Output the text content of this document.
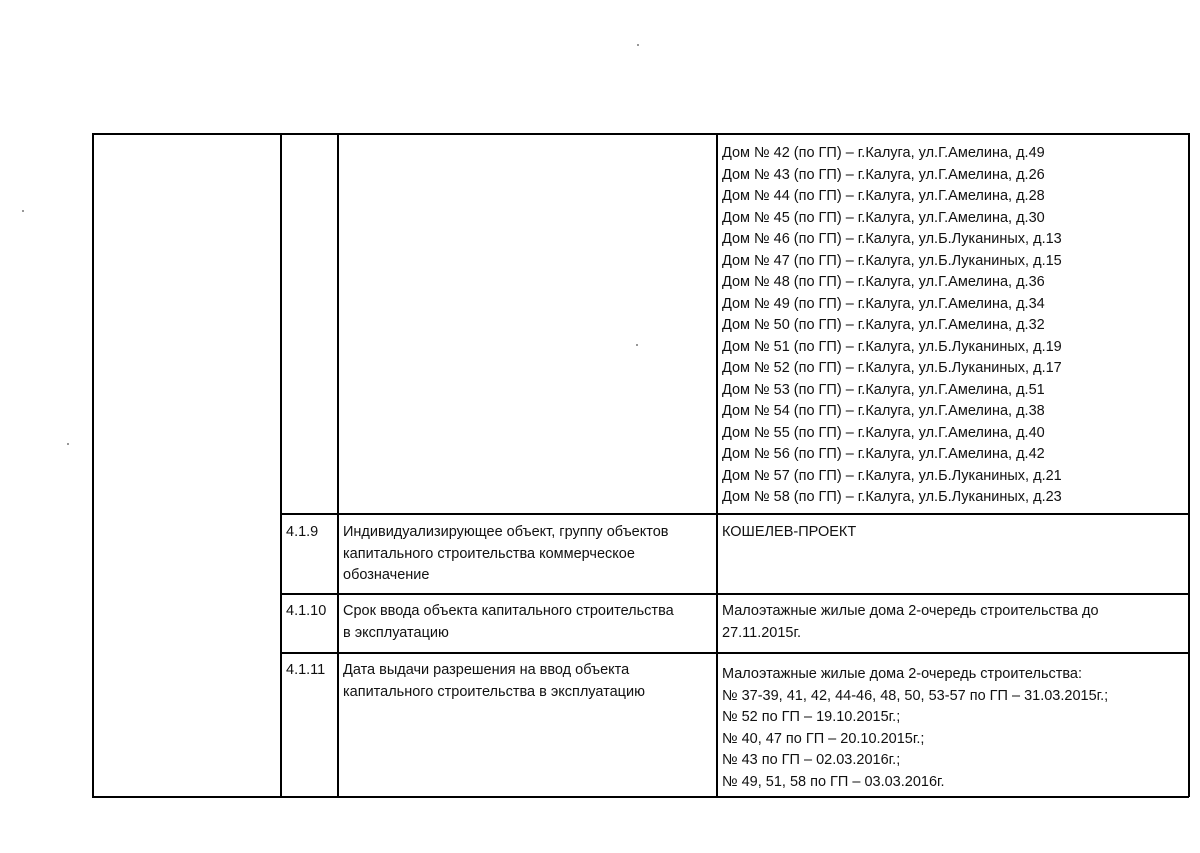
Дом № 42 (по ГП) – г.Калуга, ул.Г.Амелина, д.49
Дом № 43 (по ГП) – г.Калуга, ул.Г.Амелина, д.26
Дом № 44 (по ГП) – г.Калуга, ул.Г.Амелина, д.28
Дом № 45 (по ГП) – г.Калуга, ул.Г.Амелина, д.30
Дом № 46 (по ГП) – г.Калуга, ул.Б.Луканиных, д.13
Дом № 47 (по ГП) – г.Калуга, ул.Б.Луканиных, д.15
Дом № 48 (по ГП) – г.Калуга, ул.Г.Амелина, д.36
Дом № 49 (по ГП) – г.Калуга, ул.Г.Амелина, д.34
Дом № 50 (по ГП) – г.Калуга, ул.Г.Амелина, д.32
Дом № 51 (по ГП) – г.Калуга, ул.Б.Луканиных, д.19
Дом № 52 (по ГП) – г.Калуга, ул.Б.Луканиных, д.17
Дом № 53 (по ГП) – г.Калуга, ул.Г.Амелина, д.51
Дом № 54 (по ГП) – г.Калуга, ул.Г.Амелина, д.38
Дом № 55 (по ГП) – г.Калуга, ул.Г.Амелина, д.40
Дом № 56 (по ГП) – г.Калуга, ул.Г.Амелина, д.42
Дом № 57 (по ГП) – г.Калуга, ул.Б.Луканиных, д.21
Дом № 58 (по ГП) – г.Калуга, ул.Б.Луканиных, д.23
4.1.9 Индивидуализирующее объект, группу объектов
капитального строительства коммерческое
обозначение
КОШЕЛЕВ-ПРОЕКТ
4.1.10 Срок ввода объекта капитального строительства
в эксплуатацию
Малоэтажные жилые дома 2-очередь строительства до
27.11.2015г.
4.1.11 Дата выдачи разрешения на ввод объекта
капитального строительства в эксплуатацию
Малоэтажные жилые дома 2-очередь строительства:
№ 37-39, 41, 42, 44-46, 48, 50, 53-57 по ГП – 31.03.2015г.;
№ 52 по ГП – 19.10.2015г.;
№ 40, 47 по ГП – 20.10.2015г.;
№ 43 по ГП – 02.03.2016г.;
№ 49, 51, 58 по ГП – 03.03.2016г.
